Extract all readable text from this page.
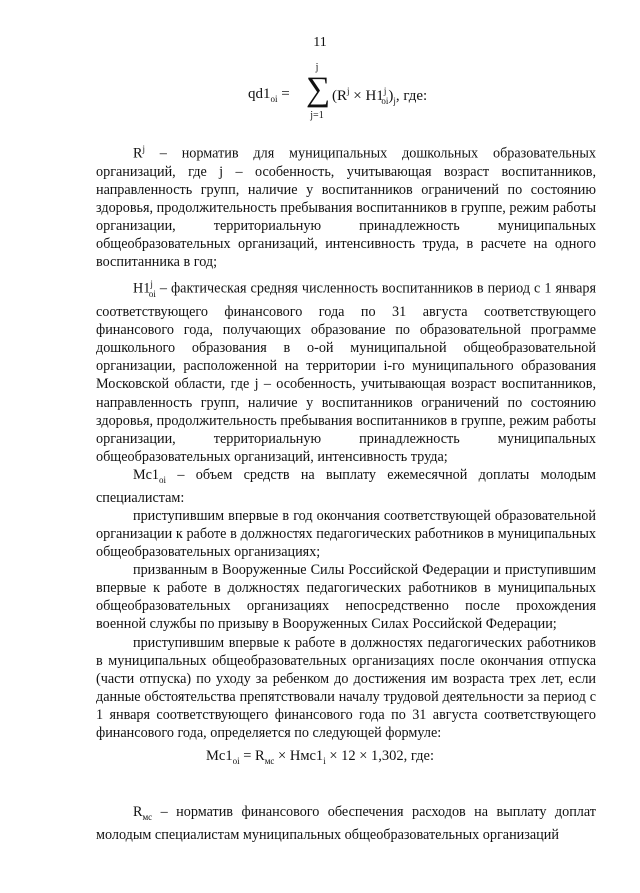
11
$qd1_{oi}$ =
j
∑
j=1
$(R^j \times H1^j_{oi})_j$, где:

$R^j$ – норматив для муниципальных дошкольных образовательных организаций, где j – особенность, учитывающая возраст воспитанников, направленность групп, наличие у воспитанников ограничений по состоянию здоровья, продолжительность пребывания воспитанников в группе, режим работы организации, территориальную принадлежность муниципальных общеобразовательных организаций, интенсивность труда, в расчете на одного воспитанника в год;

$H1^j_{oi}$ – фактическая средняя численность воспитанников в период с 1 января соответствующего финансового года по 31 августа соответствующего финансового года, получающих образование по образовательной программе дошкольного образования в о-ой муниципальной общеобразовательной организации, расположенной на территории i-го муниципального образования Московской области, где j – особенность, учитывающая возраст воспитанников, направленность групп, наличие у воспитанников ограничений по состоянию здоровья, продолжительность пребывания воспитанников в группе, режим работы организации, территориальную принадлежность муниципальных общеобразовательных организаций, интенсивность труда;

$Mc1_{oi}$ – объем средств на выплату ежемесячной доплаты молодым специалистам:

приступившим впервые в год окончания соответствующей образовательной организации к работе в должностях педагогических работников в муниципальных общеобразовательных организациях;

призванным в Вооруженные Силы Российской Федерации и приступившим впервые к работе в должностях педагогических работников в муниципальных общеобразовательных организациях непосредственно после прохождения военной службы по призыву в Вооруженных Силах Российской Федерации;

приступившим впервые к работе в должностях педагогических работников в муниципальных общеобразовательных организациях после окончания отпуска (части отпуска) по уходу за ребенком до достижения им возраста трех лет, если данные обстоятельства препятствовали началу трудовой деятельности за период с 1 января соответствующего финансового года по 31 августа соответствующего финансового года, определяется по следующей формуле:

$Mc1_{oi} = R_{мс} \times Hмc1_i \times 12 \times 1,302$, где:

$R_{мс}$ – норматив финансового обеспечения расходов на выплату доплат молодым специалистам муниципальных общеобразовательных организаций
